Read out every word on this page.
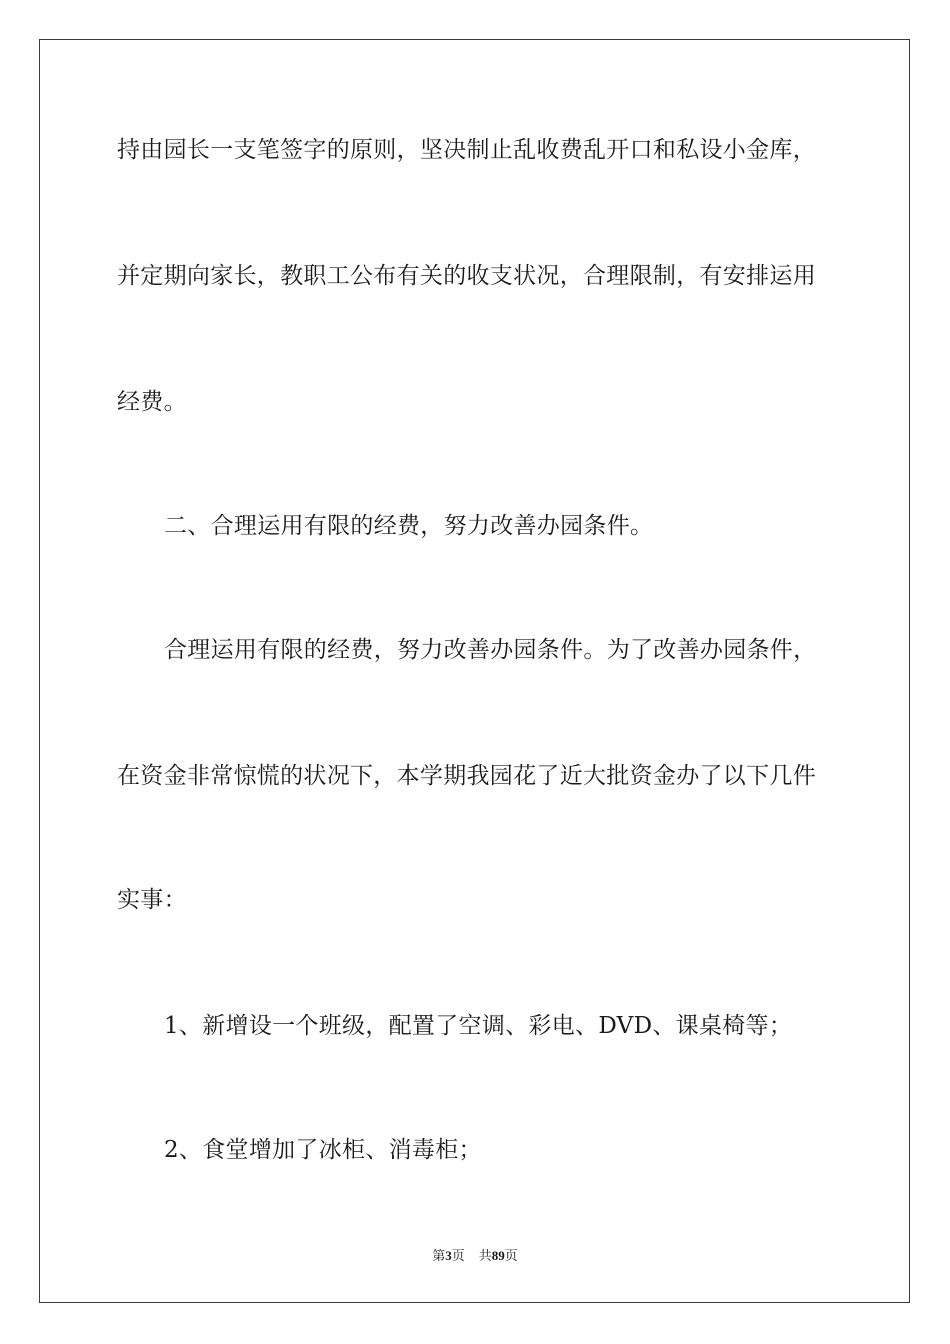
持由园长一支笔签字的原则，坚决制止乱收费乱开口和私设小金库，
并定期向家长，教职工公布有关的收支状况，合理限制，有安排运用
经费。
二、合理运用有限的经费，努力改善办园条件。
合理运用有限的经费，努力改善办园条件。为了改善办园条件，
在资金非常惊慌的状况下，本学期我园花了近大批资金办了以下几件
实事：
1、新增设一个班级，配置了空调、彩电、DVD、课桌椅等；
2、食堂增加了冰柜、消毒柜；
第3页 共89页
